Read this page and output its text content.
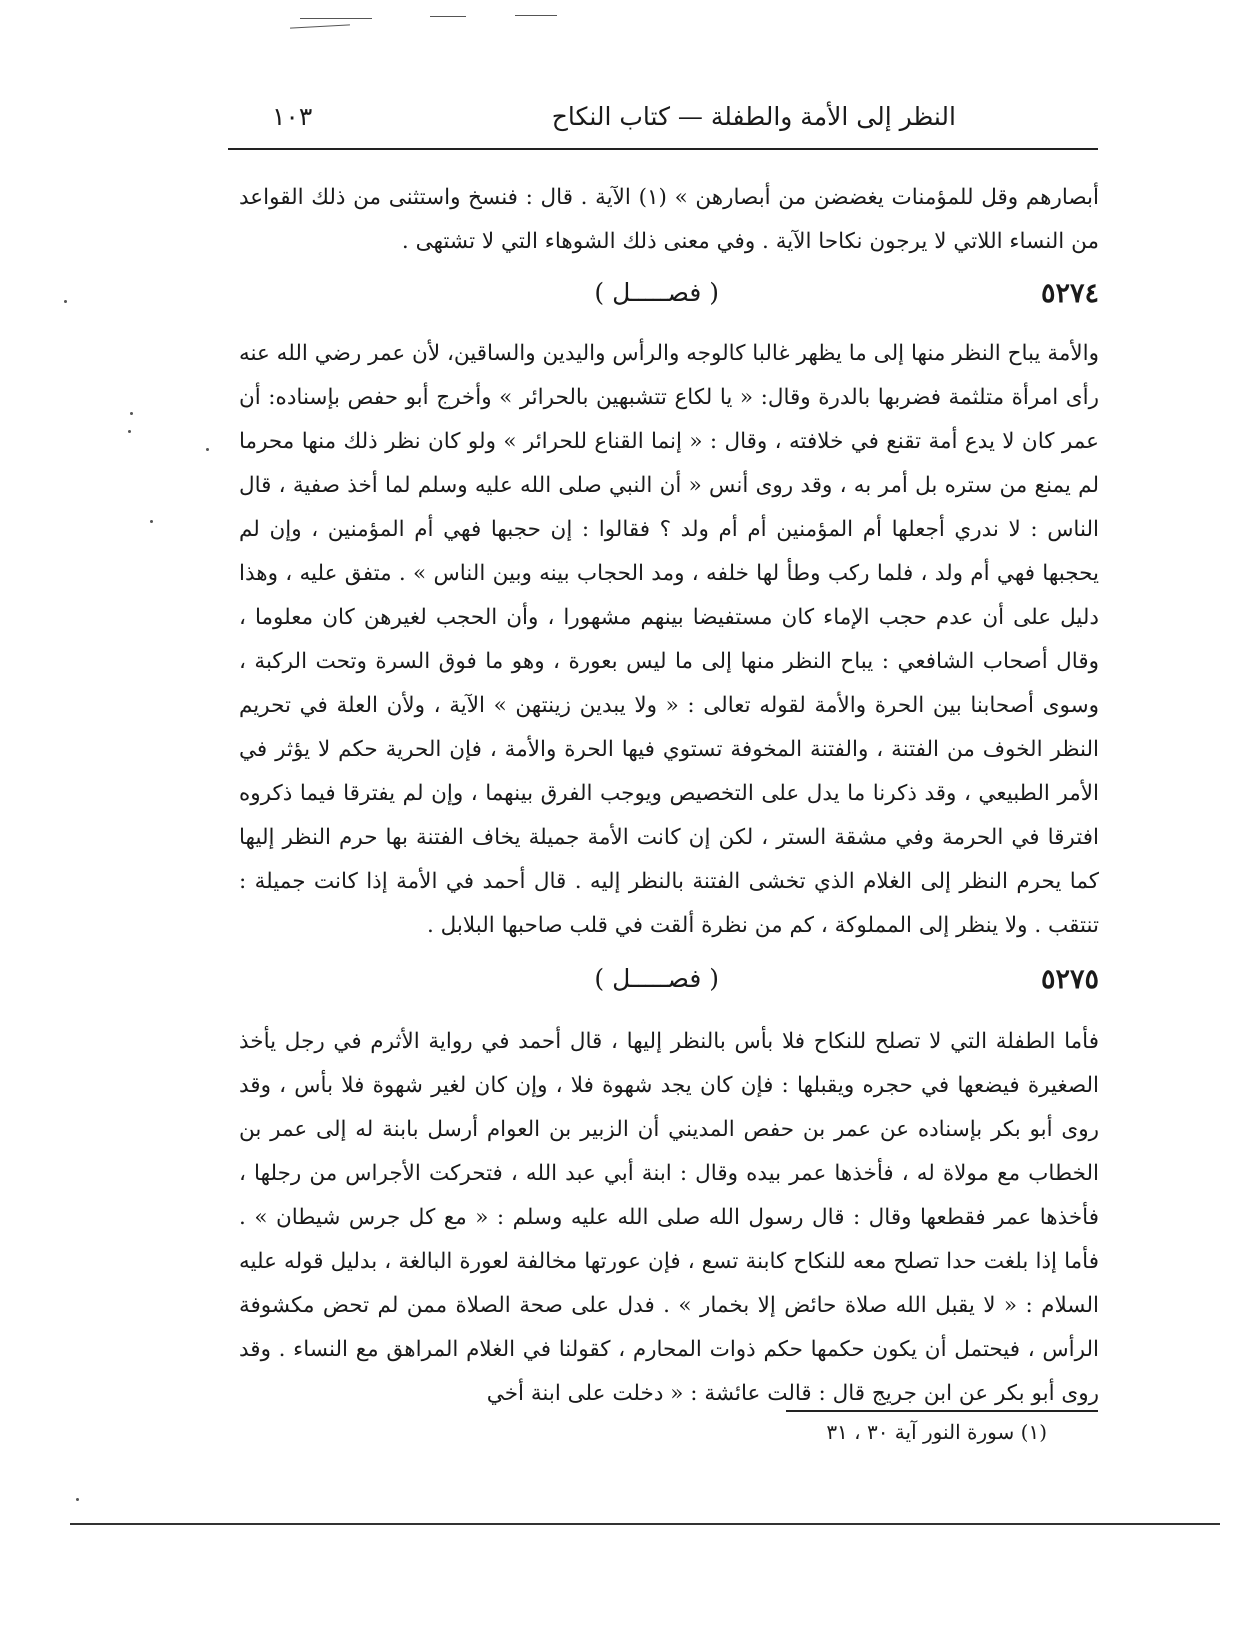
النظر إلى الأمة والطفلة — كتاب النكاح
١٠٣
أبصارهم وقل للمؤمنات يغضضن من أبصارهن » (١) الآية . قال : فنسخ واستثنى من ذلك القواعد من النساء اللاتي لا يرجون نكاحا الآية . وفي معنى ذلك الشوهاء التي لا تشتهى .
٥٢٧٤
( فصـــــل )
والأمة يباح النظر منها إلى ما يظهر غالبا كالوجه والرأس واليدين والساقين، لأن عمر رضي الله عنه رأى امرأة متلثمة فضربها بالدرة وقال: « يا لكاع تتشبهين بالحرائر » وأخرج أبو حفص بإسناده: أن عمر كان لا يدع أمة تقنع في خلافته ، وقال : « إنما القناع للحرائر » ولو كان نظر ذلك منها محرما لم يمنع من ستره بل أمر به ، وقد روى أنس « أن النبي صلى الله عليه وسلم لما أخذ صفية ، قال الناس : لا ندري أجعلها أم المؤمنين أم أم ولد ؟ فقالوا : إن حجبها فهي أم المؤمنين ، وإن لم يحجبها فهي أم ولد ، فلما ركب وطأ لها خلفه ، ومد الحجاب بينه وبين الناس » . متفق عليه ، وهذا دليل على أن عدم حجب الإماء كان مستفيضا بينهم مشهورا ، وأن الحجب لغيرهن كان معلوما ، وقال أصحاب الشافعي : يباح النظر منها إلى ما ليس بعورة ، وهو ما فوق السرة وتحت الركبة ، وسوى أصحابنا بين الحرة والأمة لقوله تعالى : « ولا يبدين زينتهن » الآية ، ولأن العلة في تحريم النظر الخوف من الفتنة ، والفتنة المخوفة تستوي فيها الحرة والأمة ، فإن الحرية حكم لا يؤثر في الأمر الطبيعي ، وقد ذكرنا ما يدل على التخصيص ويوجب الفرق بينهما ، وإن لم يفترقا فيما ذكروه افترقا في الحرمة وفي مشقة الستر ، لكن إن كانت الأمة جميلة يخاف الفتنة بها حرم النظر إليها كما يحرم النظر إلى الغلام الذي تخشى الفتنة بالنظر إليه . قال أحمد في الأمة إذا كانت جميلة : تنتقب . ولا ينظر إلى المملوكة ، كم من نظرة ألقت في قلب صاحبها البلابل .
٥٢٧٥
( فصـــــل )
فأما الطفلة التي لا تصلح للنكاح فلا بأس بالنظر إليها ، قال أحمد في رواية الأثرم في رجل يأخذ الصغيرة فيضعها في حجره ويقبلها : فإن كان يجد شهوة فلا ، وإن كان لغير شهوة فلا بأس ، وقد روى أبو بكر بإسناده عن عمر بن حفص المديني أن الزبير بن العوام أرسل بابنة له إلى عمر بن الخطاب مع مولاة له ، فأخذها عمر بيده وقال : ابنة أبي عبد الله ، فتحركت الأجراس من رجلها ، فأخذها عمر فقطعها وقال : قال رسول الله صلى الله عليه وسلم : « مع كل جرس شيطان » . فأما إذا بلغت حدا تصلح معه للنكاح كابنة تسع ، فإن عورتها مخالفة لعورة البالغة ، بدليل قوله عليه السلام : « لا يقبل الله صلاة حائض إلا بخمار » . فدل على صحة الصلاة ممن لم تحض مكشوفة الرأس ، فيحتمل أن يكون حكمها حكم ذوات المحارم ، كقولنا في الغلام المراهق مع النساء . وقد روى أبو بكر عن ابن جريج قال : قالت عائشة : « دخلت على ابنة أخي
(١) سورة النور آية ٣٠ ، ٣١
